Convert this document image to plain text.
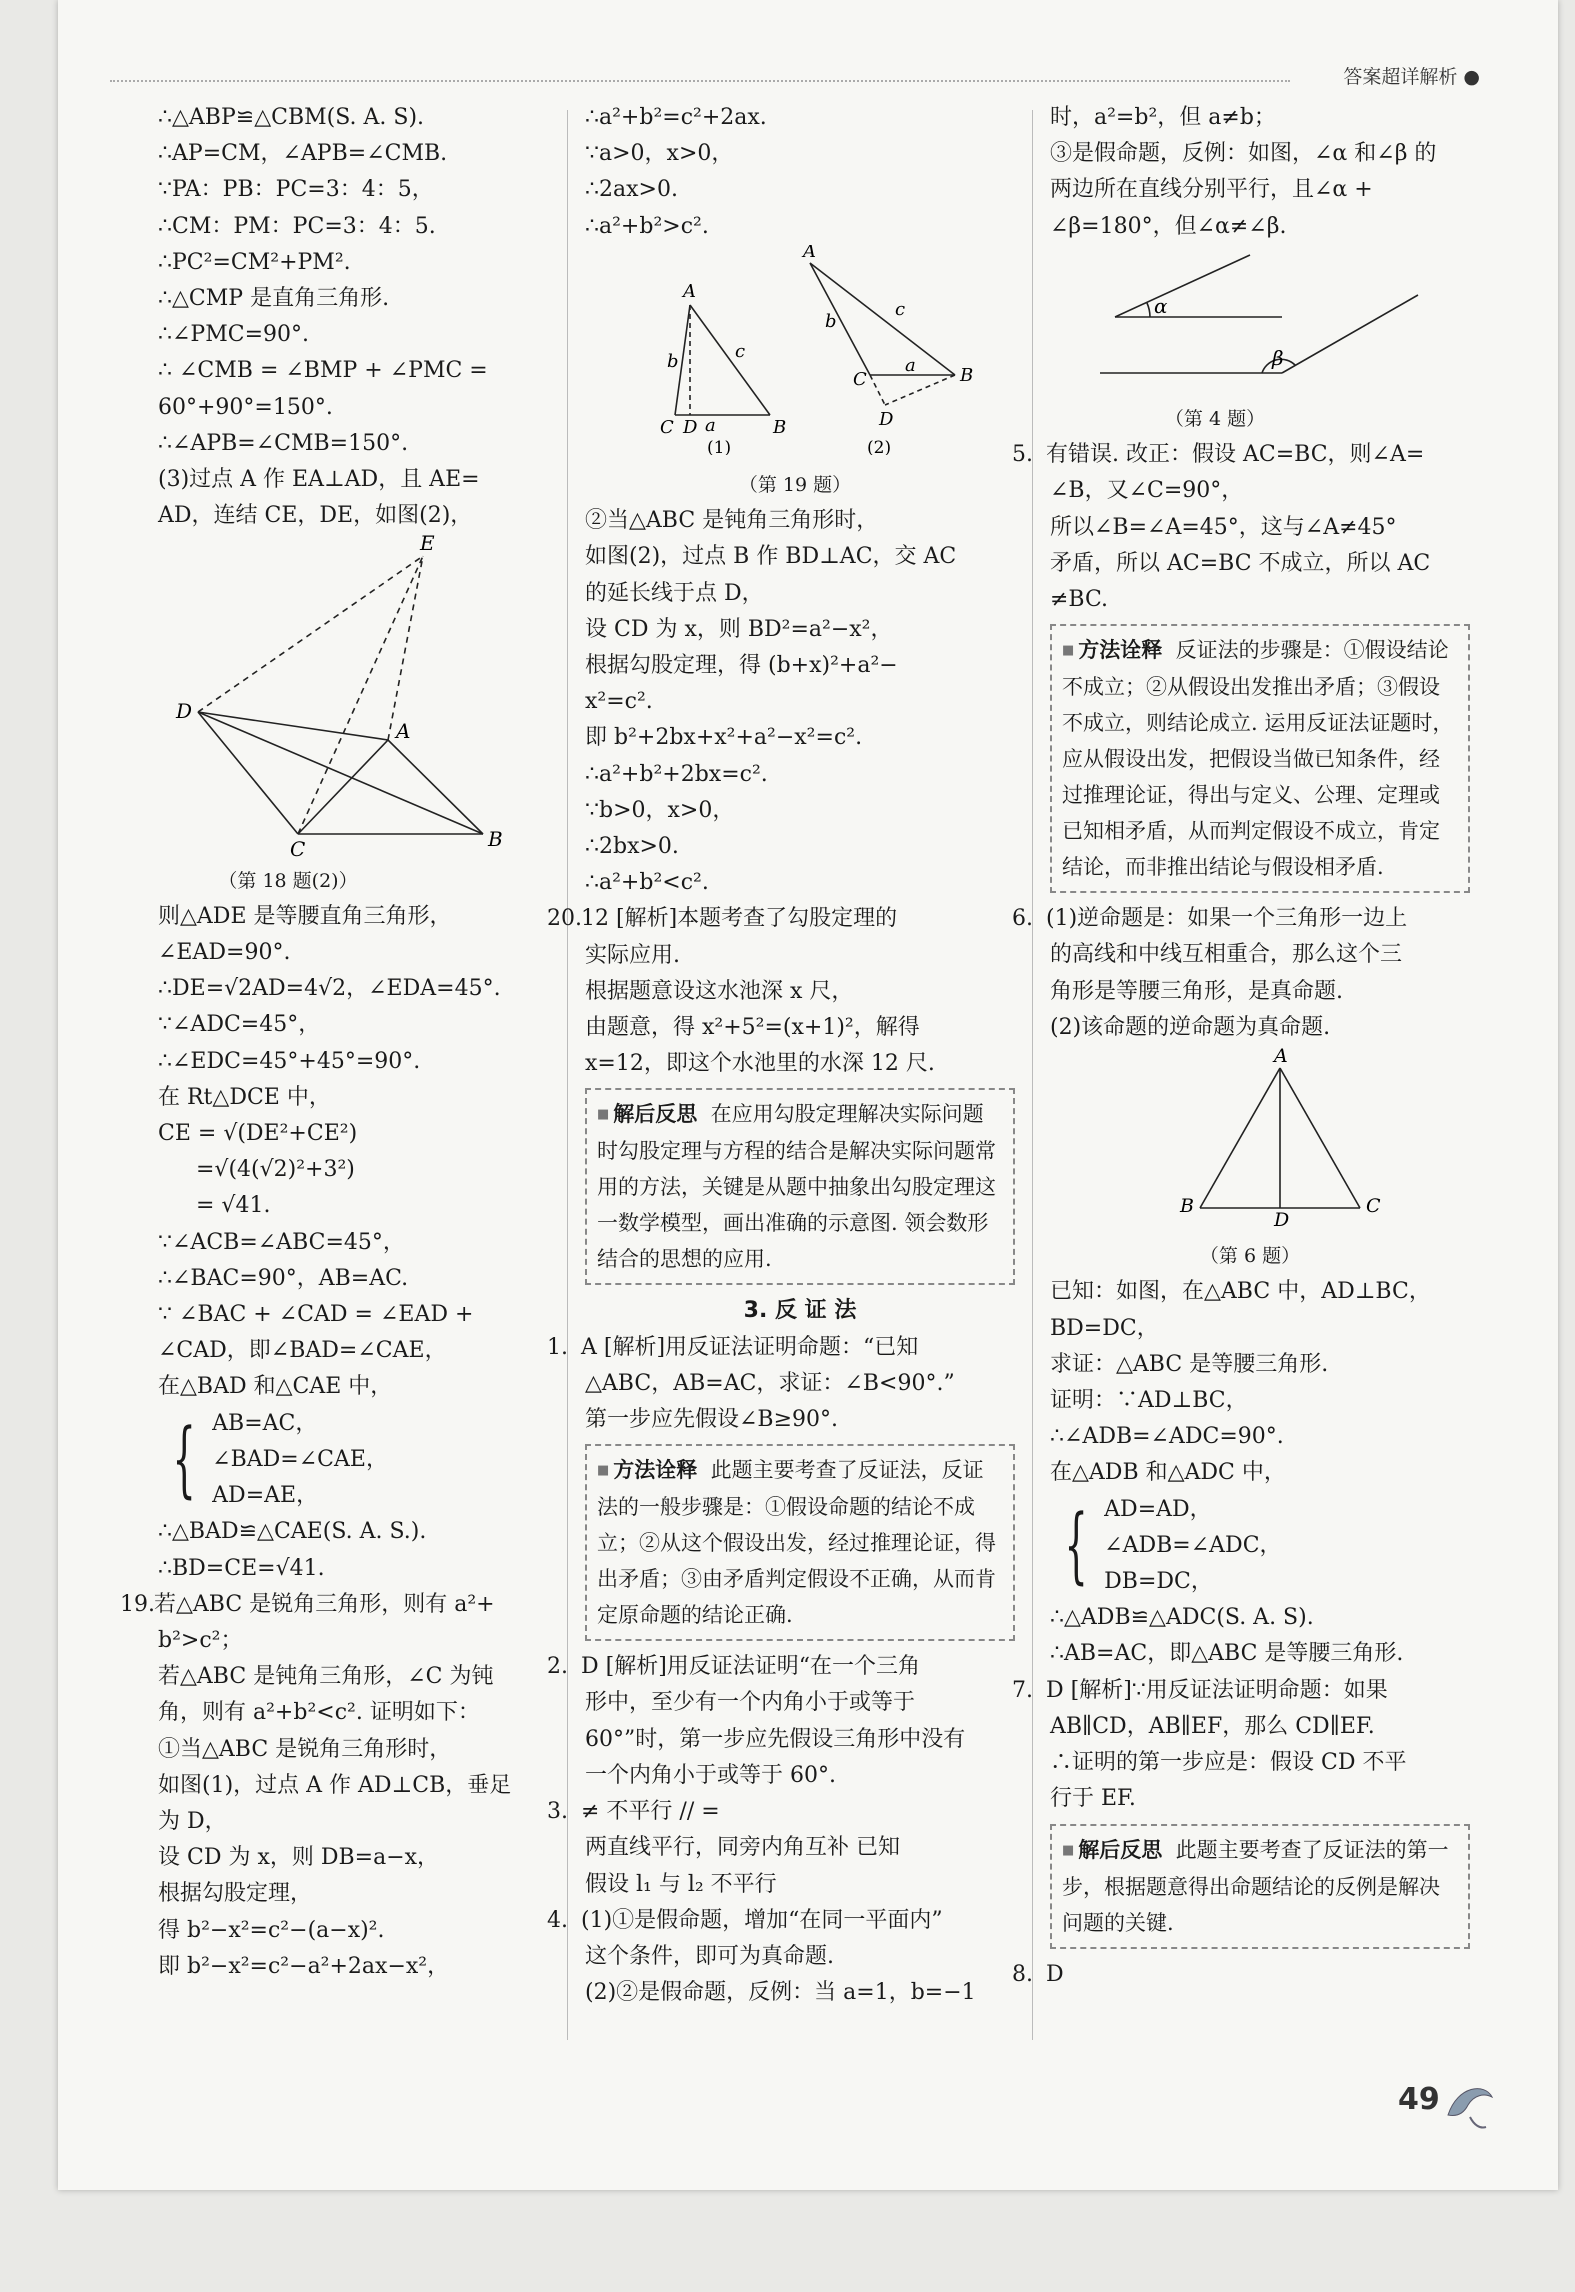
答案超详解析 ●
∴△ABP≌△CBM(S. A. S).
∴AP=CM，∠APB=∠CMB.
∵PA：PB：PC=3：4：5，
∴CM：PM：PC=3：4：5.
∴PC²=CM²+PM².
∴△CMP 是直角三角形.
∴∠PMC=90°.
∴ ∠CMB = ∠BMP + ∠PMC =
60°+90°=150°.
∴∠APB=∠CMB=150°.
(3)过点 A 作 EA⊥AD，且 AE=
AD，连结 CE，DE，如图(2)，
E
D
A
C	B
（第 18 题(2)）
则△ADE 是等腰直角三角形，
∠EAD=90°.
∴DE=√2AD=4√2，∠EDA=45°.
∵∠ADC=45°，
∴∠EDC=45°+45°=90°.
在 Rt△DCE 中，
CE = √(DE²+CE²)
=√(4(√2)²+3²)
= √41.
∵∠ACB=∠ABC=45°，
∴∠BAC=90°，AB=AC.
∵ ∠BAC + ∠CAD = ∠EAD +
∠CAD，即∠BAD=∠CAE，
在△BAD 和△CAE 中，
{ AB=AC，
∠BAD=∠CAE，
AD=AE，
∴△BAD≌△CAE(S. A. S.).
∴BD=CE=√41.
19.若△ABC 是锐角三角形，则有 a²+
b²>c²；
若△ABC 是钝角三角形，∠C 为钝
角，则有 a²+b²<c². 证明如下：
①当△ABC 是锐角三角形时，
如图(1)，过点 A 作 AD⊥CB，垂足
为 D，
设 CD 为 x，则 DB=a−x，
根据勾股定理，
得 b²−x²=c²−(a−x)².
即 b²−x²=c²−a²+2ax−x²，
∴a²+b²=c²+2ax.
∵a>0，x>0，
∴2ax>0.
∴a²+b²>c².
A
b	c
C D a	B
(1)
A
b
c
C
D
a B
(2)
（第 19 题）
②当△ABC 是钝角三角形时，
如图(2)，过点 B 作 BD⊥AC，交 AC
的延长线于点 D，
设 CD 为 x，则 BD²=a²−x²，
根据勾股定理，得 (b+x)²+a²−
x²=c².
即 b²+2bx+x²+a²−x²=c².
∴a²+b²+2bx=c².
∵b>0，x>0，
∴2bx>0.
∴a²+b²<c².
20.12 [解析]本题考查了勾股定理的
实际应用.
根据题意设这水池深 x 尺，
由题意，得 x²+5²=(x+1)²，解得
x=12，即这个水池里的水深 12 尺.
■ 解后反思 在应用勾股定理解决实际问题时勾股定理与方程的结合是解决实际问题常用的方法，关键是从题中抽象出勾股定理这一数学模型，画出准确的示意图. 领会数形结合的思想的应用.
3. 反 证 法
1. A [解析]用反证法证明命题：“已知
△ABC，AB=AC，求证：∠B<90°.”
第一步应先假设∠B≥90°.
■ 方法诠释 此题主要考查了反证法，反证法的一般步骤是：①假设命题的结论不成立；②从这个假设出发，经过推理论证，得出矛盾；③由矛盾判定假设不正确，从而肯定原命题的结论正确.
2. D [解析]用反证法证明“在一个三角
形中，至少有一个内角小于或等于
60°”时，第一步应先假设三角形中没有
一个内角小于或等于 60°.
3. ≠ 不平行 // =
两直线平行，同旁内角互补 已知
假设 l₁ 与 l₂ 不平行
4. (1)①是假命题，增加“在同一平面内”
这个条件，即可为真命题.
(2)②是假命题，反例：当 a=1，b=−1
时，a²=b²，但 a≠b；
③是假命题，反例：如图，∠α 和∠β 的
两边所在直线分别平行，且∠α +
∠β=180°，但∠α≠∠β.
α
β
（第 4 题）
5. 有错误. 改正：假设 AC=BC，则∠A=
∠B，又∠C=90°，
所以∠B=∠A=45°，这与∠A≠45°
矛盾，所以 AC=BC 不成立，所以 AC
≠BC.
■ 方法诠释 反证法的步骤是：①假设结论不成立；②从假设出发推出矛盾；③假设不成立，则结论成立. 运用反证法证题时，应从假设出发，把假设当做已知条件，经过推理论证，得出与定义、公理、定理或已知相矛盾，从而判定假设不成立，肯定结论，而非推出结论与假设相矛盾.
6. (1)逆命题是：如果一个三角形一边上
的高线和中线互相重合，那么这个三
角形是等腰三角形，是真命题.
(2)该命题的逆命题为真命题.
A
B
D
C
（第 6 题）
已知：如图，在△ABC 中，AD⊥BC，
BD=DC，
求证：△ABC 是等腰三角形.
证明：∵AD⊥BC，
∴∠ADB=∠ADC=90°.
在△ADB 和△ADC 中，
{ AD=AD，
∠ADB=∠ADC，
DB=DC，
∴△ADB≌△ADC(S. A. S).
∴AB=AC，即△ABC 是等腰三角形.
7. D [解析]∵用反证法证明命题：如果
AB∥CD，AB∥EF，那么 CD∥EF.
∴证明的第一步应是：假设 CD 不平
行于 EF.
■ 解后反思 此题主要考查了反证法的第一步，根据题意得出命题结论的反例是解决问题的关键.
8. D
49
